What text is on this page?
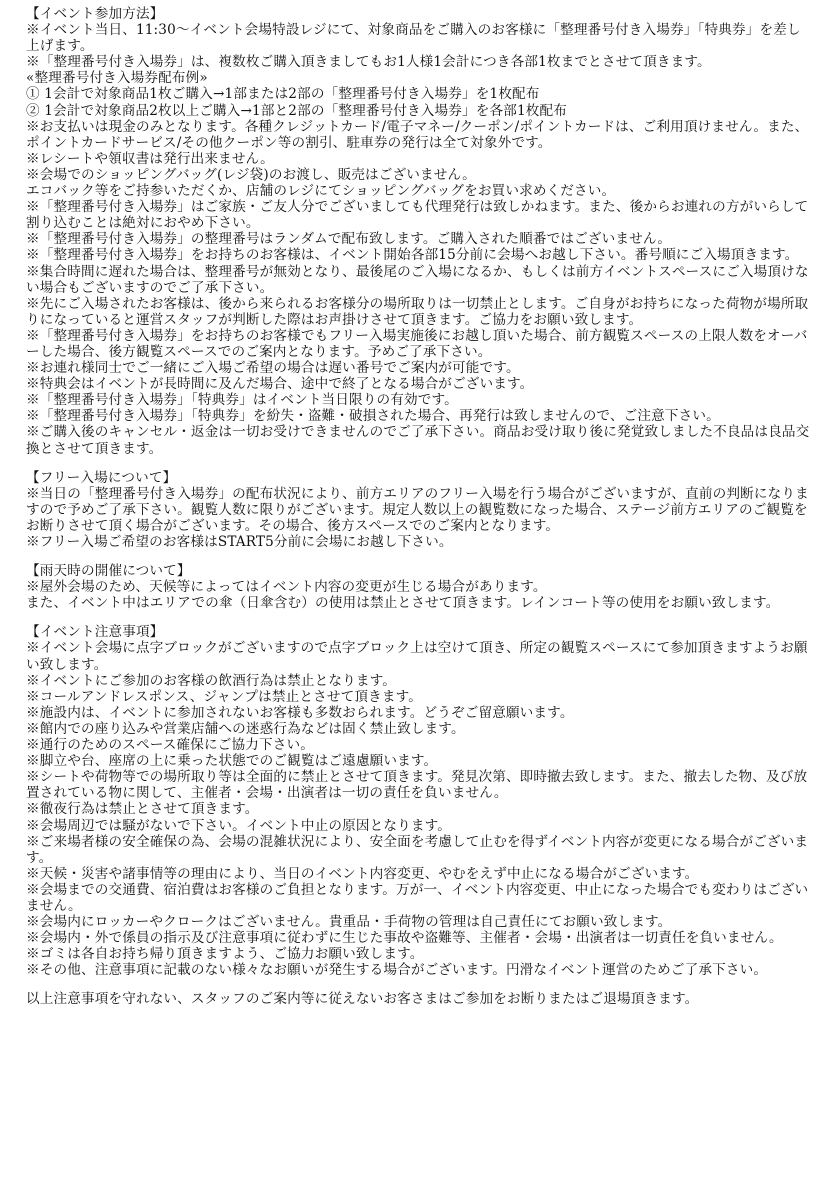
【イベント参加方法】

※イベント当日、11:30〜イベント会場特設レジにて、対象商品をご購入のお客様に「整理番号付き入場券」「特典券」を差し上げます。

※「整理番号付き入場券」は、複数枚ご購入頂きましてもお1人様1会計につき各部1枚までとさせて頂きます。

«整理番号付き入場券配布例»

① 1会計で対象商品1枚ご購入→1部または2部の「整理番号付き入場券」を1枚配布

② 1会計で対象商品2枚以上ご購入→1部と2部の「整理番号付き入場券」を各部1枚配布

※お支払いは現金のみとなります。各種クレジットカード/電子マネー/クーポン/ポイントカードは、ご利用頂けません。また、ポイントカードサービス/その他クーポン等の割引、駐車券の発行は全て対象外です。

※レシートや領収書は発行出来ません。

※会場でのショッピングバッグ(レジ袋)のお渡し、販売はございません。

エコバック等をご持参いただくか、店舗のレジにてショッピングバッグをお買い求めください。

※「整理番号付き入場券」はご家族・ご友人分でございましても代理発行は致しかねます。また、後からお連れの方がいらして割り込むことは絶対におやめ下さい。

※「整理番号付き入場券」の整理番号はランダムで配布致します。ご購入された順番ではございません。

※「整理番号付き入場券」をお持ちのお客様は、イベント開始各部15分前に会場へお越し下さい。番号順にご入場頂きます。

※集合時間に遅れた場合は、整理番号が無効となり、最後尾のご入場になるか、もしくは前方イベントスペースにご入場頂けない場合もございますのでご了承下さい。

※先にご入場されたお客様は、後から来られるお客様分の場所取りは一切禁止とします。ご自身がお持ちになった荷物が場所取りになっていると運営スタッフが判断した際はお声掛けさせて頂きます。ご協力をお願い致します。

※「整理番号付き入場券」をお持ちのお客様でもフリー入場実施後にお越し頂いた場合、前方観覧スペースの上限人数をオーバーした場合、後方観覧スペースでのご案内となります。予めご了承下さい。

※お連れ様同士でご一緒にご入場ご希望の場合は遅い番号でご案内が可能です。

※特典会はイベントが長時間に及んだ場合、途中で終了となる場合がございます。

※「整理番号付き入場券」「特典券」はイベント当日限りの有効です。

※「整理番号付き入場券」「特典券」を紛失・盗難・破損された場合、再発行は致しませんので、ご注意下さい。

※ご購入後のキャンセル・返金は一切お受けできませんのでご了承下さい。商品お受け取り後に発覚致しました不良品は良品交換とさせて頂きます。

【フリー入場について】

※当日の「整理番号付き入場券」の配布状況により、前方エリアのフリー入場を行う場合がございますが、直前の判断になりますので予めご了承下さい。観覧人数に限りがございます。規定人数以上の観覧数になった場合、ステージ前方エリアのご観覧をお断りさせて頂く場合がございます。その場合、後方スペースでのご案内となります。

※フリー入場ご希望のお客様はSTART5分前に会場にお越し下さい。

【雨天時の開催について】

※屋外会場のため、天候等によってはイベント内容の変更が生じる場合があります。

また、イベント中はエリアでの傘（日傘含む）の使用は禁止とさせて頂きます。レインコート等の使用をお願い致します。

【イベント注意事項】

※イベント会場に点字ブロックがございますので点字ブロック上は空けて頂き、所定の観覧スペースにて参加頂きますようお願い致します。

※イベントにご参加のお客様の飲酒行為は禁止となります。

※コールアンドレスポンス、ジャンプは禁止とさせて頂きます。

※施設内は、イベントに参加されないお客様も多数おられます。どうぞご留意願います。

※館内での座り込みや営業店舗への迷惑行為などは固く禁止致します。

※通行のためのスペース確保にご協力下さい。

※脚立や台、座席の上に乗った状態でのご観覧はご遠慮願います。

※シートや荷物等での場所取り等は全面的に禁止とさせて頂きます。発見次第、即時撤去致します。また、撤去した物、及び放置されている物に関して、主催者・会場・出演者は一切の責任を負いません。

※徹夜行為は禁止とさせて頂きます。

※会場周辺では騒がないで下さい。イベント中止の原因となります。

※ご来場者様の安全確保の為、会場の混雑状況により、安全面を考慮して止むを得ずイベント内容が変更になる場合がございます。

※天候・災害や諸事情等の理由により、当日のイベント内容変更、やむをえず中止になる場合がございます。

※会場までの交通費、宿泊費はお客様のご負担となります。万が一、イベント内容変更、中止になった場合でも変わりはございません。

※会場内にロッカーやクロークはございません。貴重品・手荷物の管理は自己責任にてお願い致します。

※会場内・外で係員の指示及び注意事項に従わずに生じた事故や盗難等、主催者・会場・出演者は一切責任を負いません。

※ゴミは各自お持ち帰り頂きますよう、ご協力お願い致します。

※その他、注意事項に記載のない様々なお願いが発生する場合がございます。円滑なイベント運営のためご了承下さい。

以上注意事項を守れない、スタッフのご案内等に従えないお客さまはご参加をお断りまたはご退場頂きます。
